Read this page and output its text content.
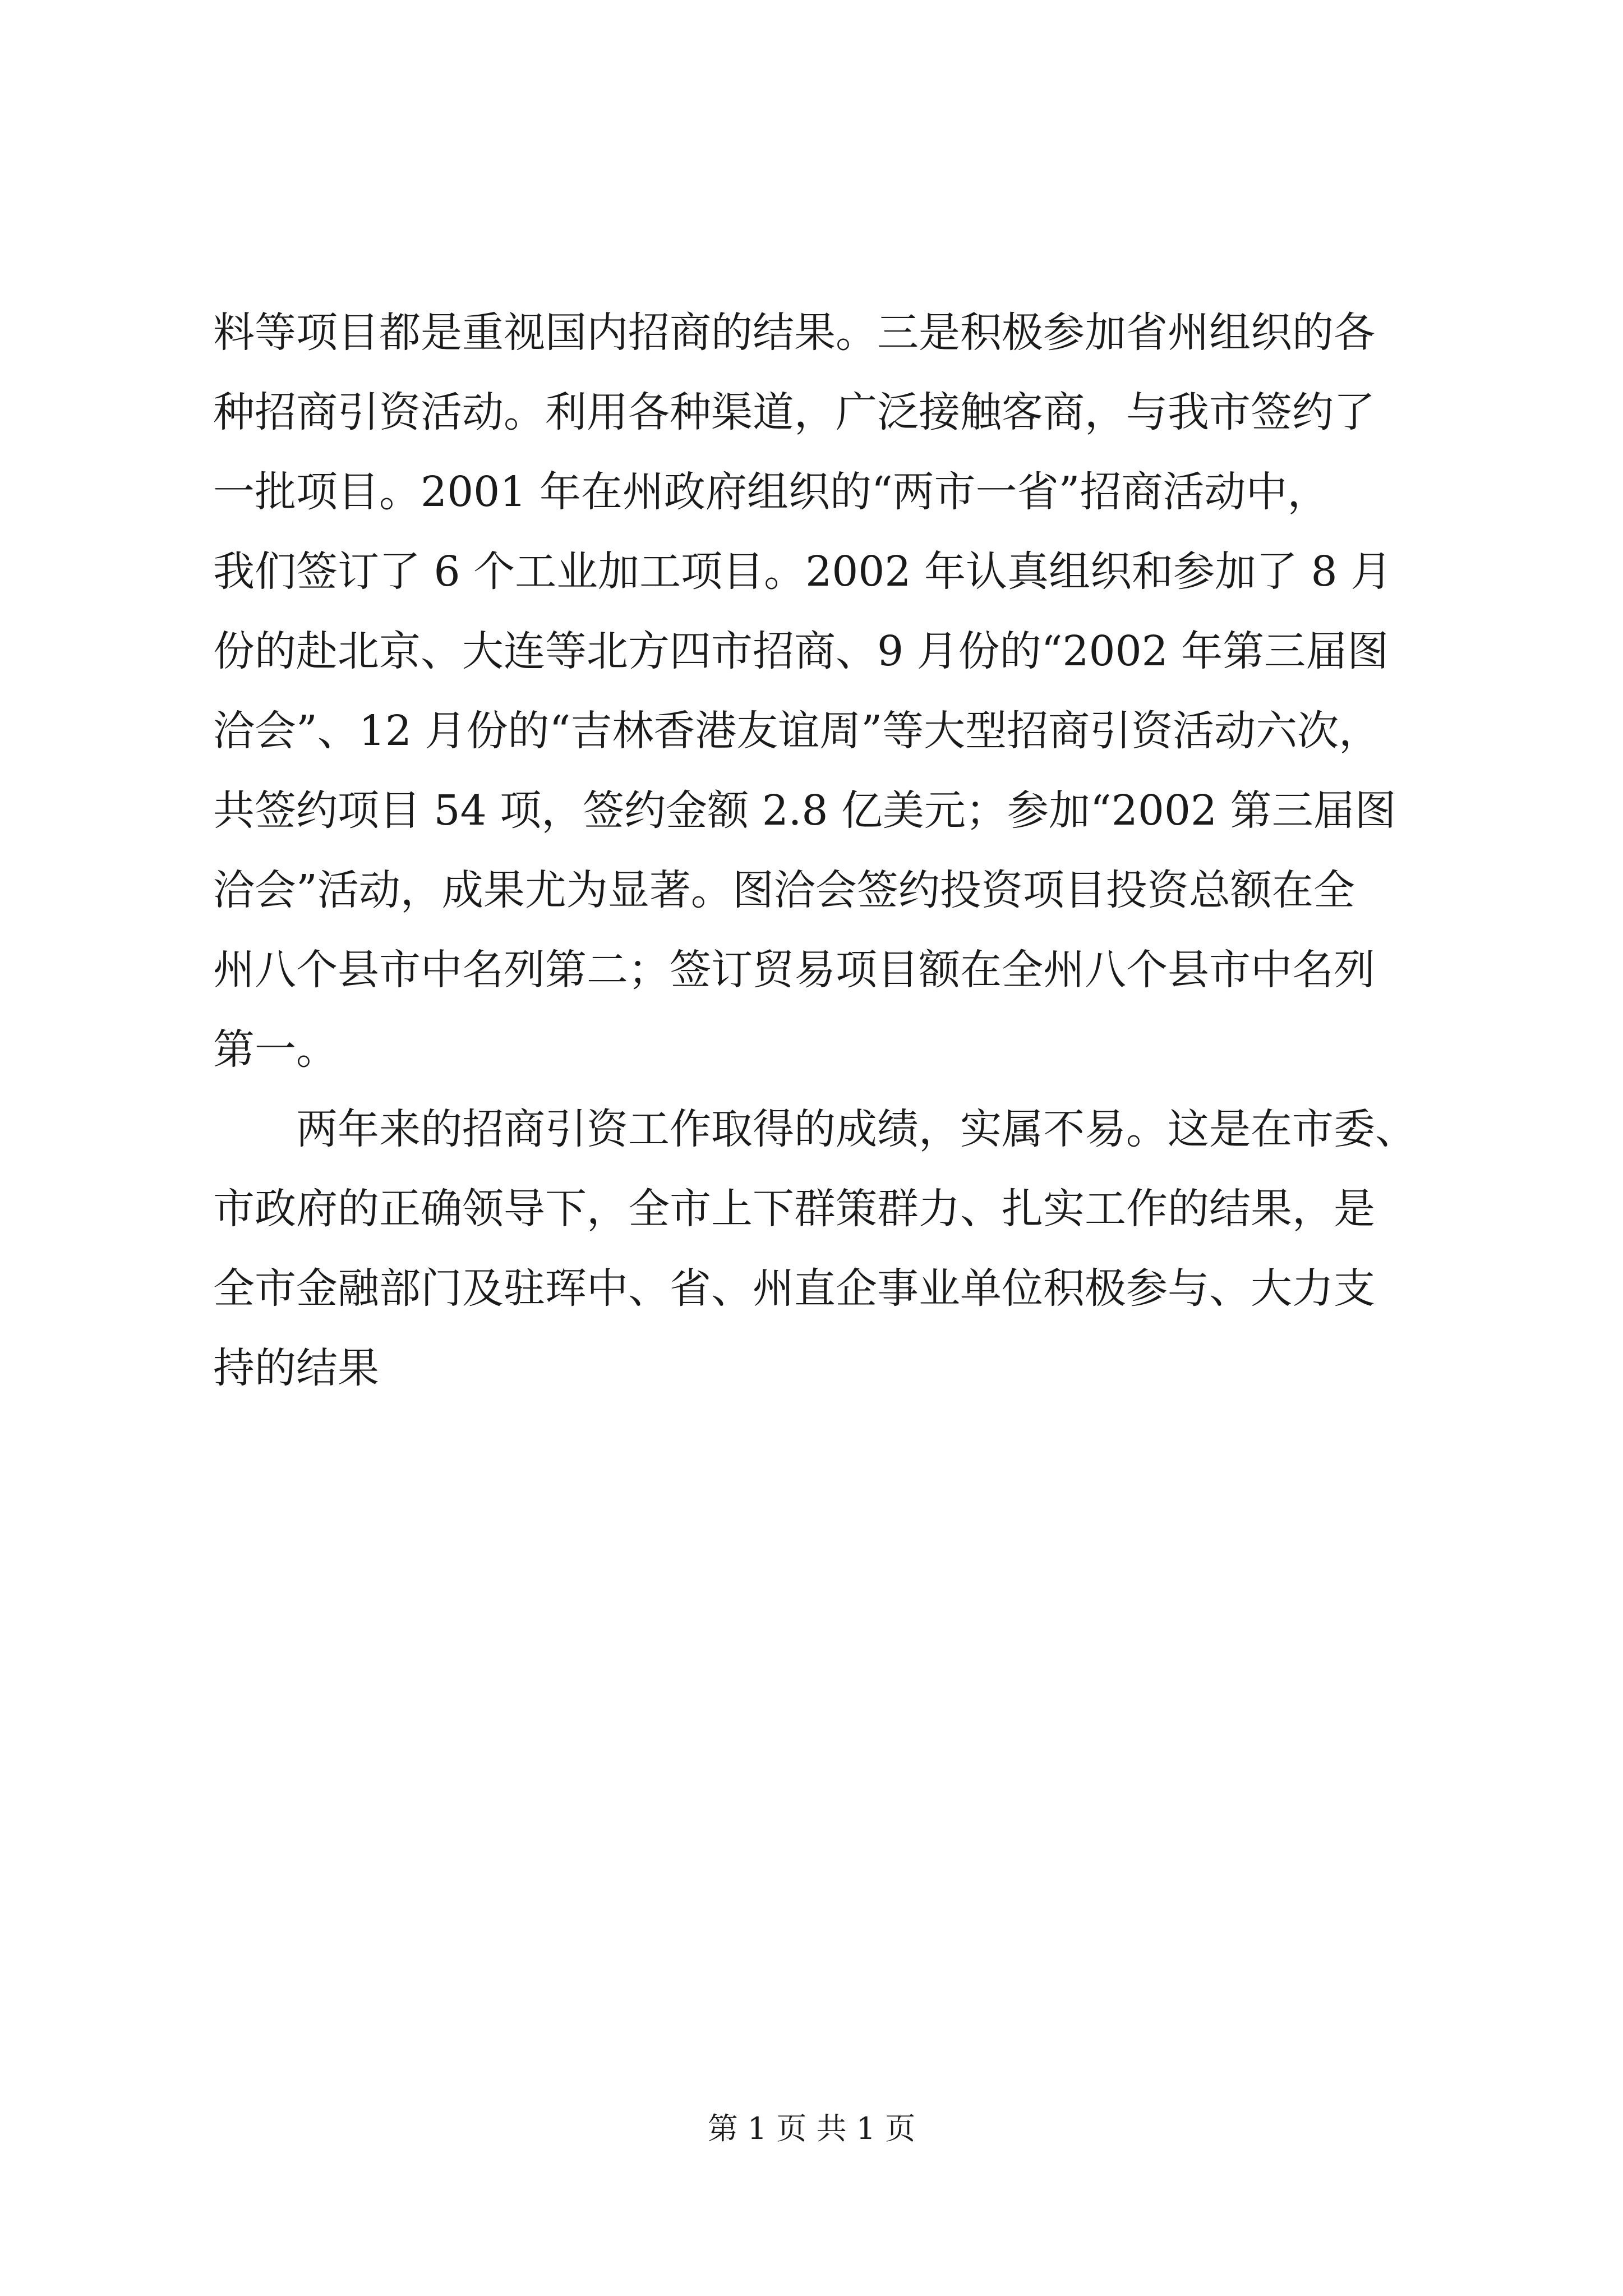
料等项目都是重视国内招商的结果。三是积极参加省州组织的各
种招商引资活动。利用各种渠道，广泛接触客商，与我市签约了
一批项目。2001 年在州政府组织的“两市一省”招商活动中，
我们签订了 6 个工业加工项目。2002 年认真组织和参加了 8 月
份的赴北京、大连等北方四市招商、9 月份的“2002 年第三届图
洽会”、12 月份的“吉林香港友谊周”等大型招商引资活动六次，
共签约项目 54 项，签约金额 2.8 亿美元；参加“2002 第三届图
洽会”活动，成果尤为显著。图洽会签约投资项目投资总额在全
州八个县市中名列第二；签订贸易项目额在全州八个县市中名列
第一。
两年来的招商引资工作取得的成绩，实属不易。这是在市委、
市政府的正确领导下，全市上下群策群力、扎实工作的结果，是
全市金融部门及驻珲中、省、州直企事业单位积极参与、大力支
持的结果
第 1 页 共 1 页
